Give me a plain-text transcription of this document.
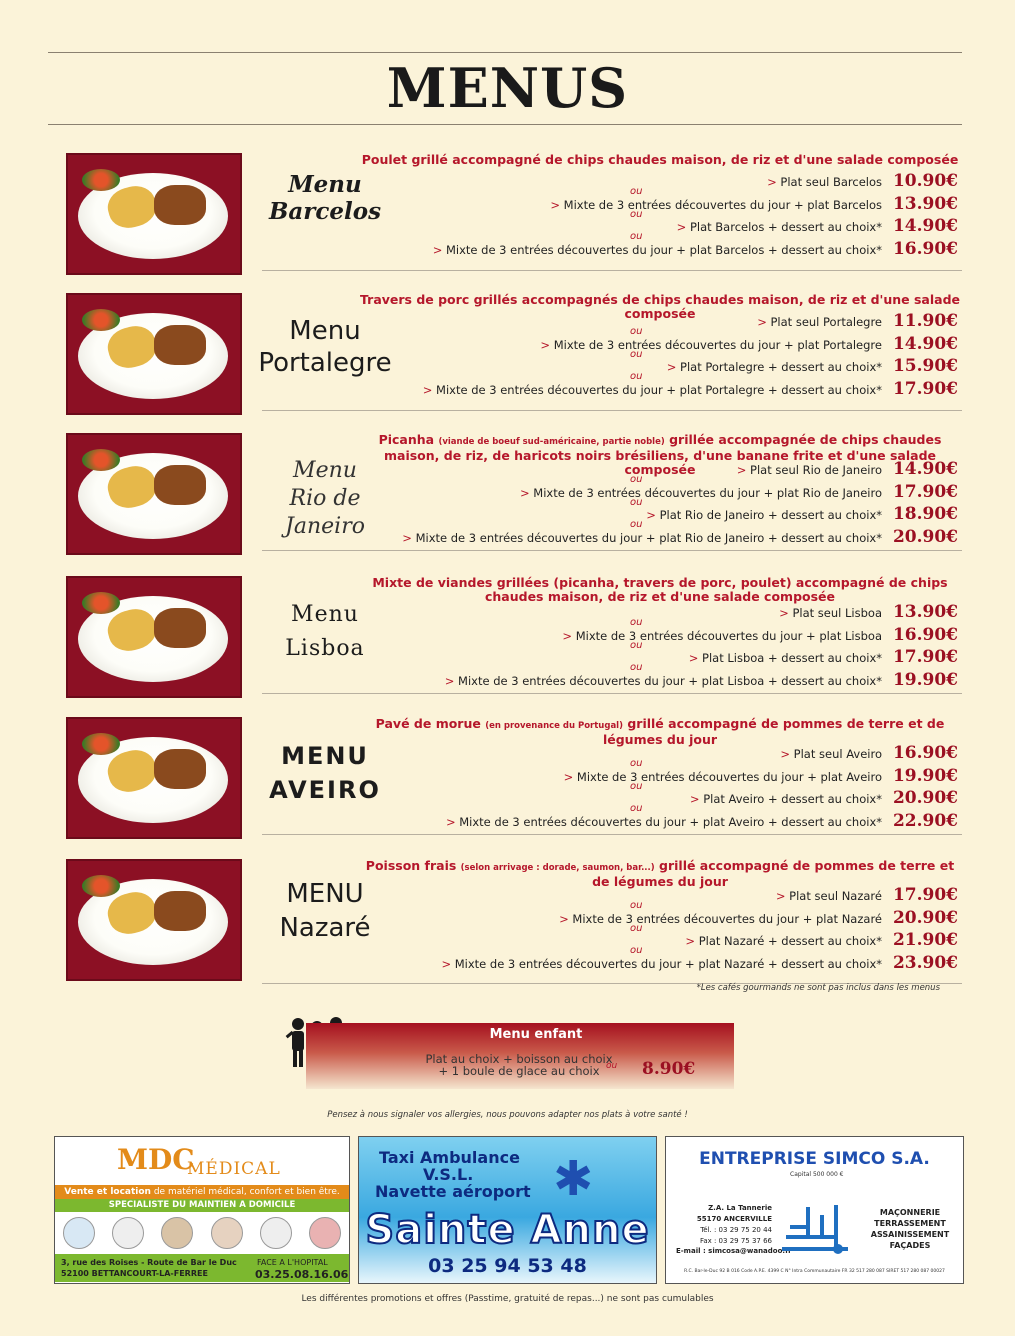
MENUS
Menu
Barcelos
Poulet grillé accompagné de chips chaudes maison, de riz et d'une salade composée
> Plat seul Barcelos 10.90€
ou
> Mixte de 3 entrées découvertes du jour + plat Barcelos 13.90€
ou
> Plat Barcelos + dessert au choix* 14.90€
ou
> Mixte de 3 entrées découvertes du jour + plat Barcelos + dessert au choix* 16.90€
Menu
Portalegre
Travers de porc grillés accompagnés de chips chaudes maison, de riz et d'une salade composée
> Plat seul Portalegre 11.90€
ou
> Mixte de 3 entrées découvertes du jour + plat Portalegre 14.90€
ou
> Plat Portalegre + dessert au choix* 15.90€
ou
> Mixte de 3 entrées découvertes du jour + plat Portalegre + dessert au choix* 17.90€
Menu
Rio de Janeiro
Picanha (viande de boeuf sud-américaine, partie noble) grillée accompagnée de chips chaudes maison, de riz, de haricots noirs brésiliens, d'une banane frite et d'une salade composée	> Plat seul Rio de Janeiro 14.90€
ou
> Mixte de 3 entrées découvertes du jour + plat Rio de Janeiro 17.90€
ou
> Plat Rio de Janeiro + dessert au choix* 18.90€
ou
> Mixte de 3 entrées découvertes du jour + plat Rio de Janeiro + dessert au choix* 20.90€
Menu
Lisboa
Mixte de viandes grillées (picanha, travers de porc, poulet) accompagné de chips chaudes maison, de riz et d'une salade composée
> Plat seul Lisboa 13.90€
ou
> Mixte de 3 entrées découvertes du jour + plat Lisboa 16.90€
ou
> Plat Lisboa + dessert au choix* 17.90€
ou
> Mixte de 3 entrées découvertes du jour + plat Lisboa + dessert au choix* 19.90€
MENU
AVEIRO
Pavé de morue (en provenance du Portugal) grillé accompagné de pommes de terre et de légumes du jour
> Plat seul Aveiro 16.90€
ou
> Mixte de 3 entrées découvertes du jour + plat Aveiro 19.90€
ou
> Plat Aveiro + dessert au choix* 20.90€
ou
> Mixte de 3 entrées découvertes du jour + plat Aveiro + dessert au choix* 22.90€
MENU
Nazaré
Poisson frais (selon arrivage : dorade, saumon, bar...) grillé accompagné de pommes de terre et de légumes du jour
> Plat seul Nazaré 17.90€
ou
> Mixte de 3 entrées découvertes du jour + plat Nazaré 20.90€
ou
> Plat Nazaré + dessert au choix* 21.90€
ou
> Mixte de 3 entrées découvertes du jour + plat Nazaré + dessert au choix* 23.90€
*Les cafés gourmands ne sont pas inclus dans les menus
Menu enfant
Plat au choix + boisson au choix
+ 1 boule de glace au choix ou 8.90€
Pensez à nous signaler vos allergies, nous pouvons adapter nos plats à votre santé !
MDC
MÉDICAL
Vente et location de matériel médical, confort et bien être.
SPECIALISTE DU MAINTIEN A DOMICILE
3, rue des Roises - Route de Bar le Duc
52100 BETTANCOURT-LA-FERREE
FACE A L'HOPITAL
03.25.08.16.06
Taxi Ambulance
V.S.L.
Navette aéroport ✱
Sainte Anne
03 25 94 53 48
ENTREPRISE SIMCO S.A.
Capital 500 000 €
Z.A. La Tannerie
55170 ANCERVILLE
Tél. : 03 29 75 20 44
Fax : 03 29 75 37 66
E-mail : simcosa@wanadoo.fr
MAÇONNERIE
TERRASSEMENT
ASSAINISSEMENT
FAÇADES
R.C. Bar-le-Duc 92 B 016 Code A.P.E. 4399 C N° Intra Communautaire FR 32 517 280 087 SIRET 517 280 087 00027
Les différentes promotions et offres (Passtime, gratuité de repas...) ne sont pas cumulables
